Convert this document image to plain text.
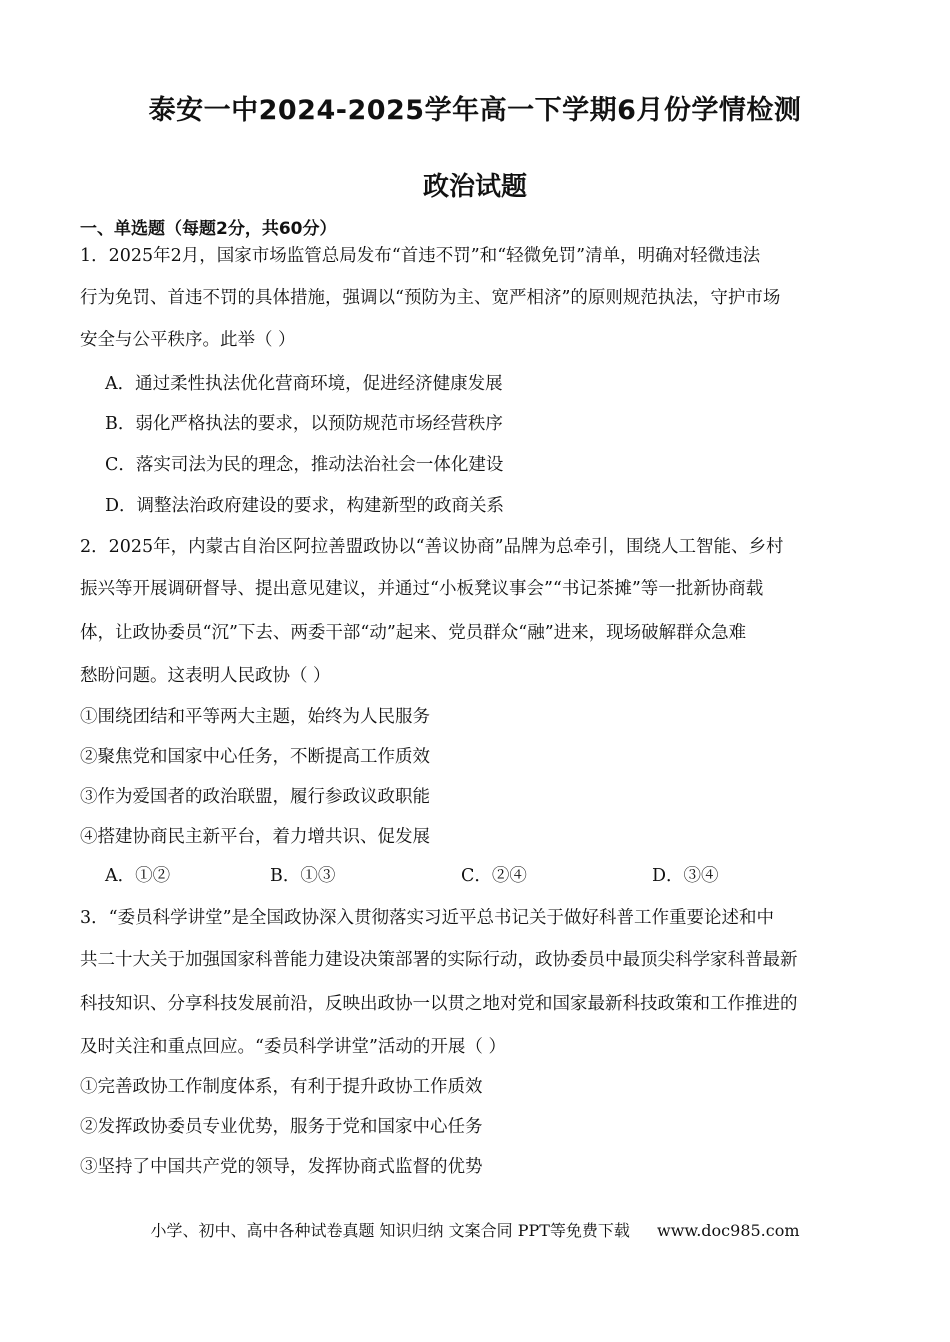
泰安一中2024-2025学年高一下学期6月份学情检测
政治试题
一、单选题（每题2分，共60分）
1．2025年2月，国家市场监管总局发布“首违不罚”和“轻微免罚”清单，明确对轻微违法
行为免罚、首违不罚的具体措施，强调以“预防为主、宽严相济”的原则规范执法，守护市场
安全与公平秩序。此举（ ）
A．通过柔性执法优化营商环境，促进经济健康发展
B．弱化严格执法的要求，以预防规范市场经营秩序
C．落实司法为民的理念，推动法治社会一体化建设
D．调整法治政府建设的要求，构建新型的政商关系
2．2025年，内蒙古自治区阿拉善盟政协以“善议协商”品牌为总牵引，围绕人工智能、乡村
振兴等开展调研督导、提出意见建议，并通过“小板凳议事会”“书记茶摊”等一批新协商载
体，让政协委员“沉”下去、两委干部“动”起来、党员群众“融”进来，现场破解群众急难
愁盼问题。这表明人民政协（ ）
①围绕团结和平等两大主题，始终为人民服务
②聚焦党和国家中心任务，不断提高工作质效
③作为爱国者的政治联盟，履行参政议政职能
④搭建协商民主新平台，着力增共识、促发展
A．①②	B．①③	C．②④	D．③④
3．“委员科学讲堂”是全国政协深入贯彻落实习近平总书记关于做好科普工作重要论述和中
共二十大关于加强国家科普能力建设决策部署的实际行动，政协委员中最顶尖科学家科普最新
科技知识、分享科技发展前沿，反映出政协一以贯之地对党和国家最新科技政策和工作推进的
及时关注和重点回应。“委员科学讲堂”活动的开展（ ）
①完善政协工作制度体系，有利于提升政协工作质效
②发挥政协委员专业优势，服务于党和国家中心任务
③坚持了中国共产党的领导，发挥协商式监督的优势
小学、初中、高中各种试卷真题 知识归纳 文案合同 PPT等免费下载 www.doc985.com
